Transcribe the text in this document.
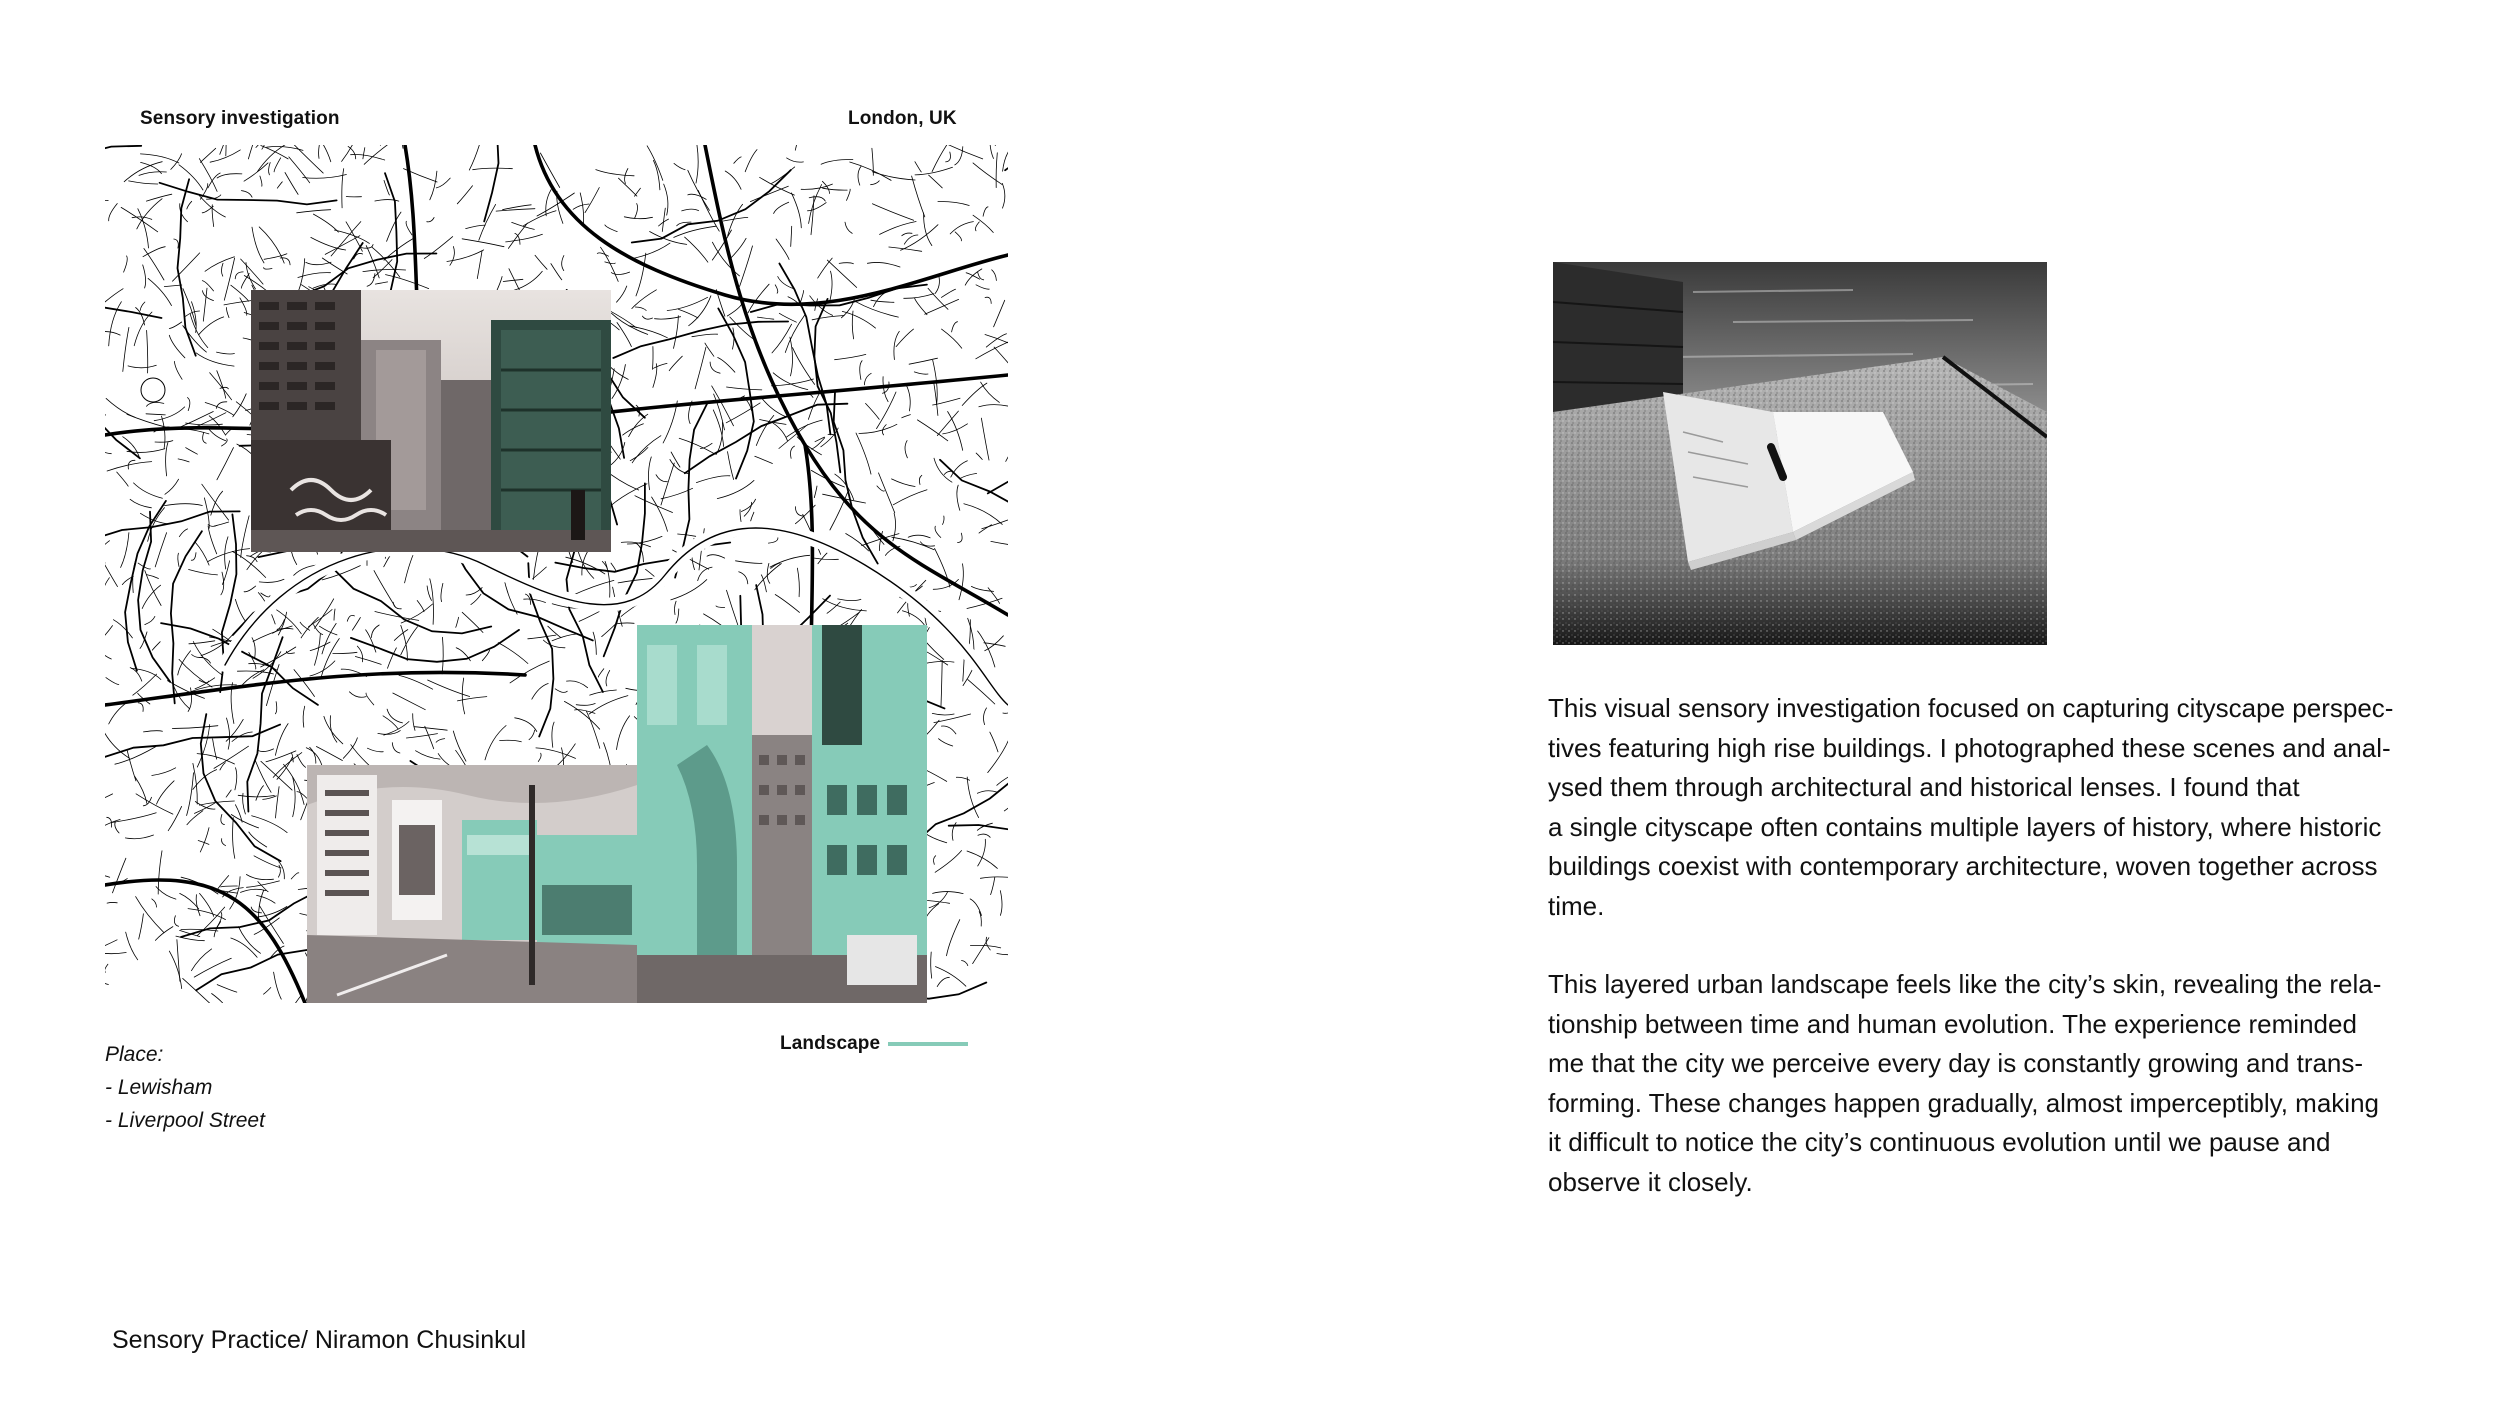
Sensory investigation	London, UK
Landscape
Place:
- Lewisham
- Liverpool Street

This visual sensory investigation focused on capturing cityscape perspec-

tives featuring high rise buildings. I photographed these scenes and anal-

ysed them through architectural and historical lenses. I found that

a single cityscape often contains multiple layers of history, where historic

buildings coexist with contemporary architecture, woven together across

time.

This layered urban landscape feels like the city’s skin, revealing the rela-

tionship between time and human evolution. The experience reminded

me that the city we perceive every day is constantly growing and trans-

forming. These changes happen gradually, almost imperceptibly, making

it difficult to notice the city’s continuous evolution until we pause and

observe it closely.

Sensory Practice/ Niramon Chusinkul
